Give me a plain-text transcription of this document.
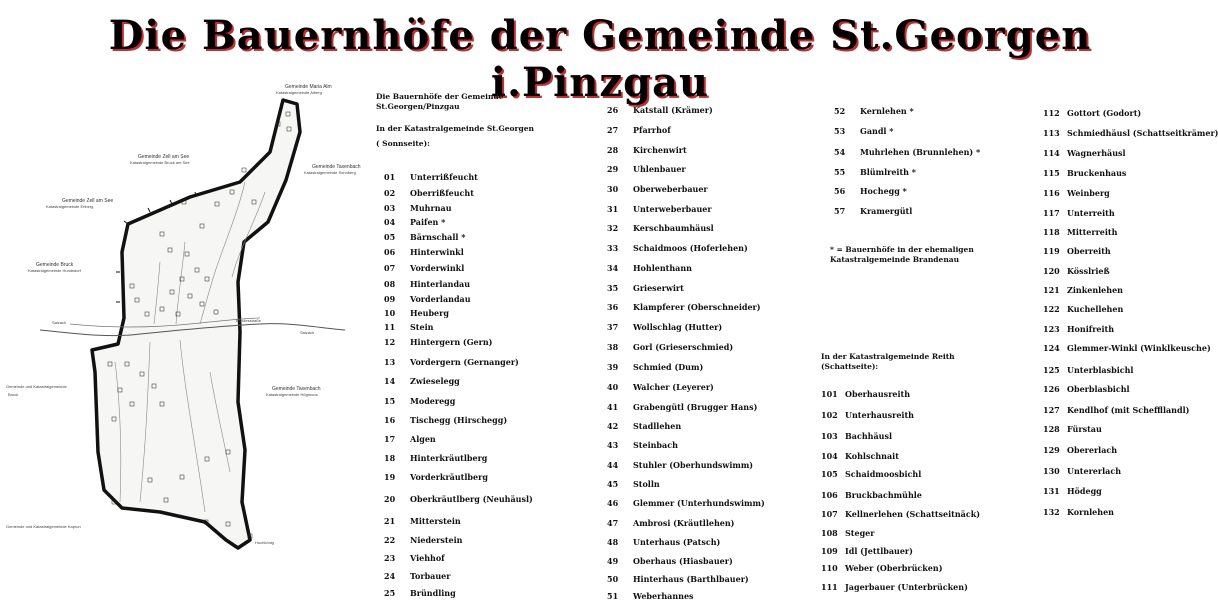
Die Bauernhöfe der Gemeinde St.Georgen i.Pinzgau
Gemeinde Maria Alm
Katastralgemeinde Alberg
Gemeinde Zell am See
Katastralgemeinde Bruck am See
Gemeinde Zell am See
Katastralgemeinde Erlberg
Gemeinde Taxenbach
Katastralgemeinde Sonnberg
Gemeinde Bruck
Katastralgemeinde Hundsdorf
Gemeinde und Katastralgemeinde
Bruck
Gemeinde Taxenbach
Katastralgemeinde Högmoos
Gemeinde und Katastralgemeinde Kaprun
Salzach
Salzach
Bundesstraße
Hochkönig
Die Bauernhöfe der Gemeinde
St.Georgen/Pinzgau
In der Katastralgemeinde St.Georgen
( Sonnseite):
01 Unterrißfeucht
02 Oberrißfeucht
03 Muhrnau
04 Paifen *
05 Bärnschall *
06 Hinterwinkl
07 Vorderwinkl
08 Hinterlandau
09 Vorderlandau
10 Heuberg
11 Stein
12 Hintergern (Gern)
13 Vordergern (Gernanger)
14 Zwieselegg
15 Moderegg
16 Tischegg (Hirschegg)
17 Algen
18 Hinterkräutlberg
19 Vorderkräutlberg
20 Oberkräutlberg (Neuhäusl)
21 Mitterstein
22 Niederstein
23 Viehhof
24 Torbauer
25 Bründling
26 Katstall (Krämer)
27 Pfarrhof
28 Kirchenwirt
29 Uhlenbauer
30 Oberweberbauer
31 Unterweberbauer
32 Kerschbaumhäusl
33 Schaidmoos (Hoferlehen)
34 Hohlenthann
35 Grieserwirt
36 Klampferer (Oberschneider)
37 Wollschlag (Hutter)
38 Gorl (Grieserschmied)
39 Schmied (Dum)
40 Walcher (Leyerer)
41 Grabengütl (Brugger Hans)
42 Stadllehen
43 Steinbach
44 Stuhler (Oberhundswimm)
45 Stolln
46 Glemmer (Unterhundswimm)
47 Ambrosi (Kräutllehen)
48 Unterhaus (Patsch)
49 Oberhaus (Hiasbauer)
50 Hinterhaus (Barthlbauer)
51 Weberhannes
52 Kernlehen *
53 Gandl *
54 Muhrlehen (Brunnlehen) *
55 Blümlreith *
56 Hochegg *
57 Kramergütl
101 Oberhausreith
102 Unterhausreith
103 Bachhäusl
104 Kohlschnait
105 Schaidmoosbichl
106 Bruckbachmühle
107 Kellnerlehen (Schattseitnäck)
108 Steger
109 Idl (Jettlbauer)
110 Weber (Oberbrücken)
111 Jagerbauer (Unterbrücken)
112 Gottort (Godort)
113 Schmiedhäusl (Schattseitkrämer)
114 Wagnerhäusl
115 Bruckenhaus
116 Weinberg
117 Unterreith
118 Mitterreith
119 Oberreith
120 Kösslrieß
121 Zinkenlehen
122 Kuchellehen
123 Honifreith
124 Glemmer-Winkl (Winklkeusche)
125 Unterblasbichl
126 Oberblasbichl
127 Kendlhof (mit Scheffllandl)
128 Fürstau
129 Obererlach
130 Untererlach
131 Hödegg
132 Kornlehen
* = Bauernhöfe in der ehemaligen
Katastralgemeinde Brandenau
In der Katastralgemeinde Reith
(Schattseite):
